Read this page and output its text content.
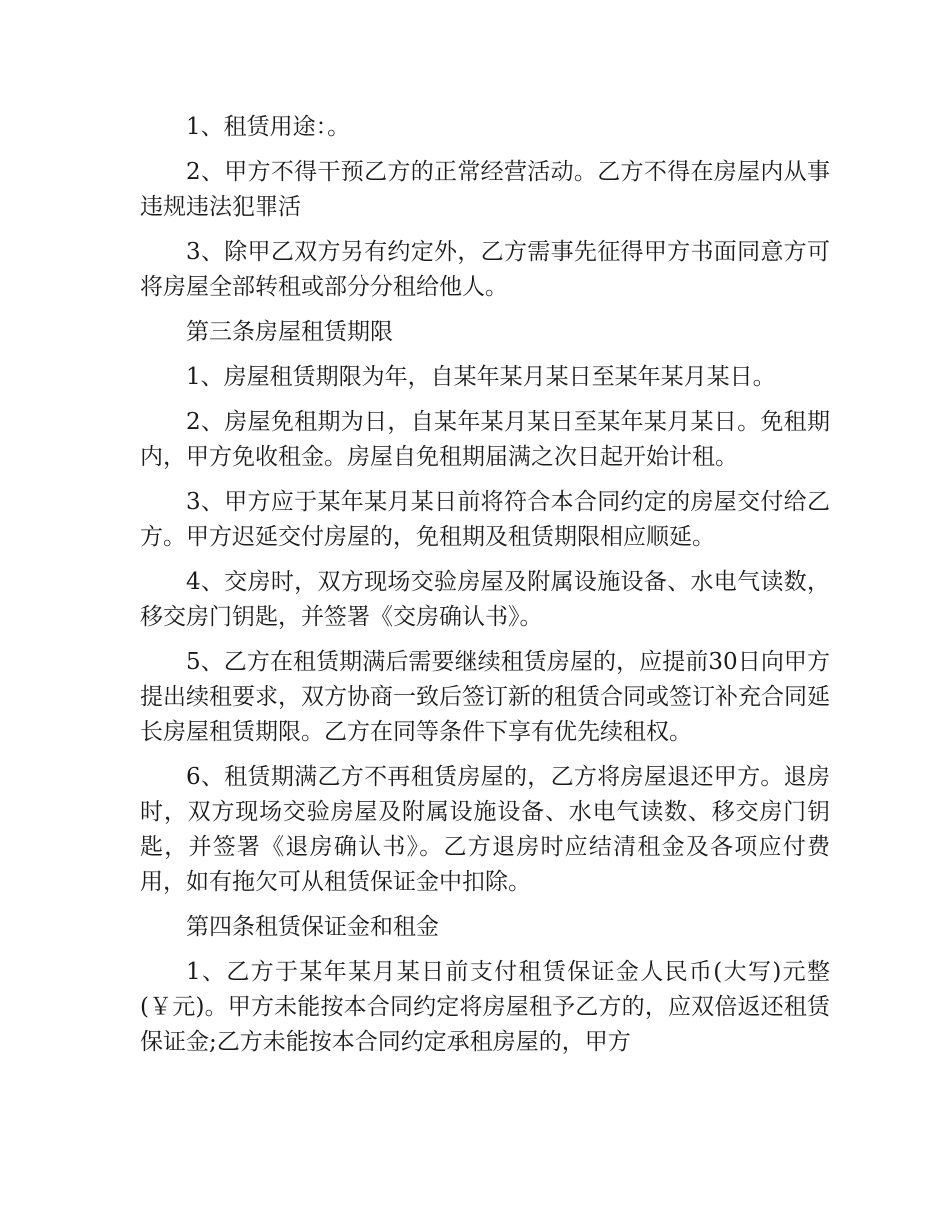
1、租赁用途：。

2、甲方不得干预乙方的正常经营活动。乙方不得在房屋内从事违规违法犯罪活

3、除甲乙双方另有约定外，乙方需事先征得甲方书面同意方可将房屋全部转租或部分分租给他人。

第三条房屋租赁期限

1、房屋租赁期限为年，自某年某月某日至某年某月某日。

2、房屋免租期为日，自某年某月某日至某年某月某日。免租期内，甲方免收租金。房屋自免租期届满之次日起开始计租。

3、甲方应于某年某月某日前将符合本合同约定的房屋交付给乙方。甲方迟延交付房屋的，免租期及租赁期限相应顺延。

4、交房时，双方现场交验房屋及附属设施设备、水电气读数，移交房门钥匙，并签署《交房确认书》。

5、乙方在租赁期满后需要继续租赁房屋的，应提前30日向甲方提出续租要求，双方协商一致后签订新的租赁合同或签订补充合同延长房屋租赁期限。乙方在同等条件下享有优先续租权。

6、租赁期满乙方不再租赁房屋的，乙方将房屋退还甲方。退房时，双方现场交验房屋及附属设施设备、水电气读数、移交房门钥匙，并签署《退房确认书》。乙方退房时应结清租金及各项应付费用，如有拖欠可从租赁保证金中扣除。

第四条租赁保证金和租金

1、乙方于某年某月某日前支付租赁保证金人民币(大写)元整(￥元)。甲方未能按本合同约定将房屋租予乙方的，应双倍返还租赁保证金;乙方未能按本合同约定承租房屋的，甲方
